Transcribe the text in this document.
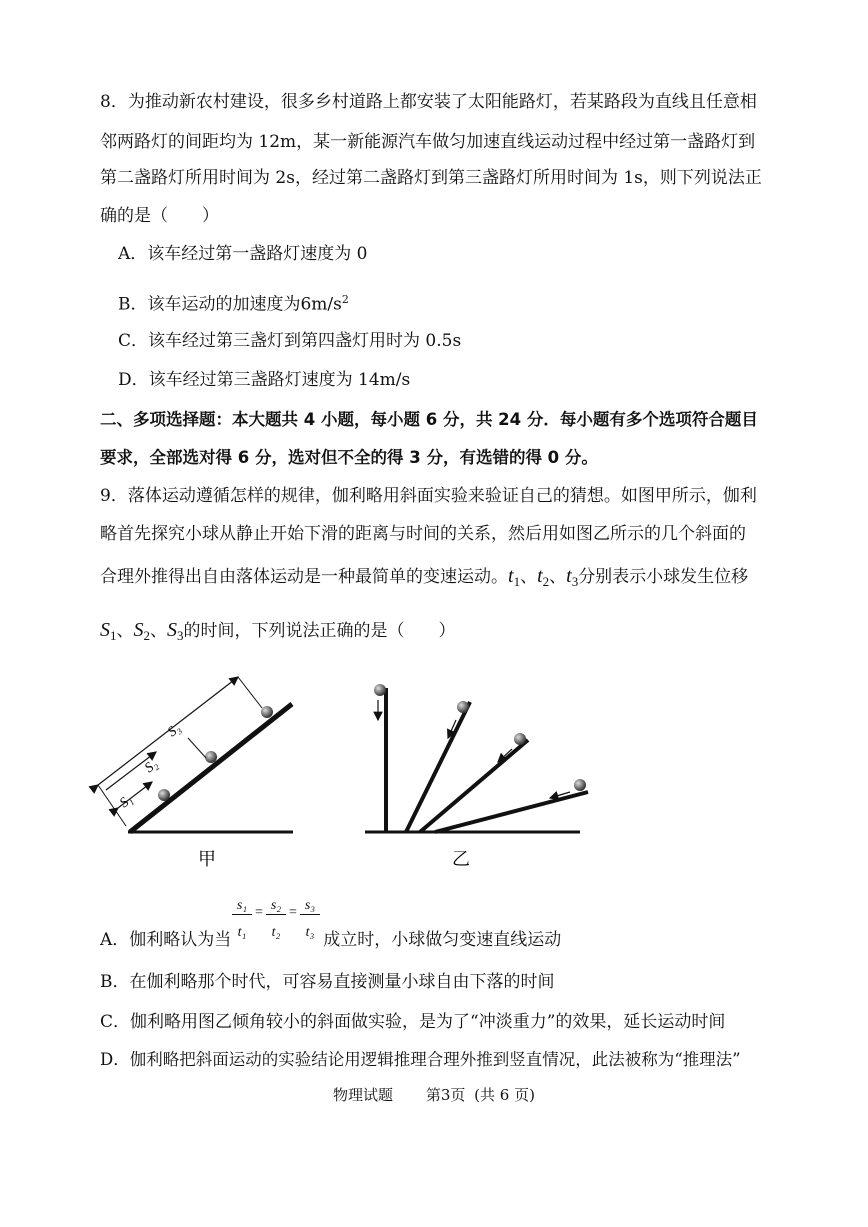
8．为推动新农村建设，很多乡村道路上都安装了太阳能路灯，若某路段为直线且任意相
邻两路灯的间距均为 12m，某一新能源汽车做匀加速直线运动过程中经过第一盏路灯到
第二盏路灯所用时间为 2s，经过第二盏路灯到第三盏路灯所用时间为 1s，则下列说法正
确的是（　　）
A．该车经过第一盏路灯速度为 0
B．该车运动的加速度为$6m/s^2$
C．该车经过第三盏灯到第四盏灯用时为 0.5s
D．该车经过第三盏路灯速度为 14m/s
二、多项选择题：本大题共 4 小题，每小题 6 分，共 24 分．每小题有多个选项符合题目
要求，全部选对得 6 分，选对但不全的得 3 分，有选错的得 0 分。
9．落体运动遵循怎样的规律，伽利略用斜面实验来验证自己的猜想。如图甲所示，伽利
略首先探究小球从静止开始下滑的距离与时间的关系，然后用如图乙所示的几个斜面的
合理外推得出自由落体运动是一种最简单的变速运动。$t_1$、$t_2$、$t_3$分别表示小球发生位移
$S_1$、$S_2$、$S_3$的时间，下列说法正确的是（　　）
S₁
S₂
S₃
甲	乙
$\frac{\text{s₁}}{\text{t₁}} = \frac{\text{s₂}}{\text{t₂}} = \frac{\text{s₃}}{\text{t₃}}$
A．伽利略认为当	成立时，小球做匀变速直线运动
B．在伽利略那个时代，可容易直接测量小球自由下落的时间
C．伽利略用图乙倾角较小的斜面做实验，是为了“冲淡重力”的效果，延长运动时间
D．伽利略把斜面运动的实验结论用逻辑推理合理外推到竖直情况，此法被称为“推理法”
物理试题 第3页 (共 6 页)
